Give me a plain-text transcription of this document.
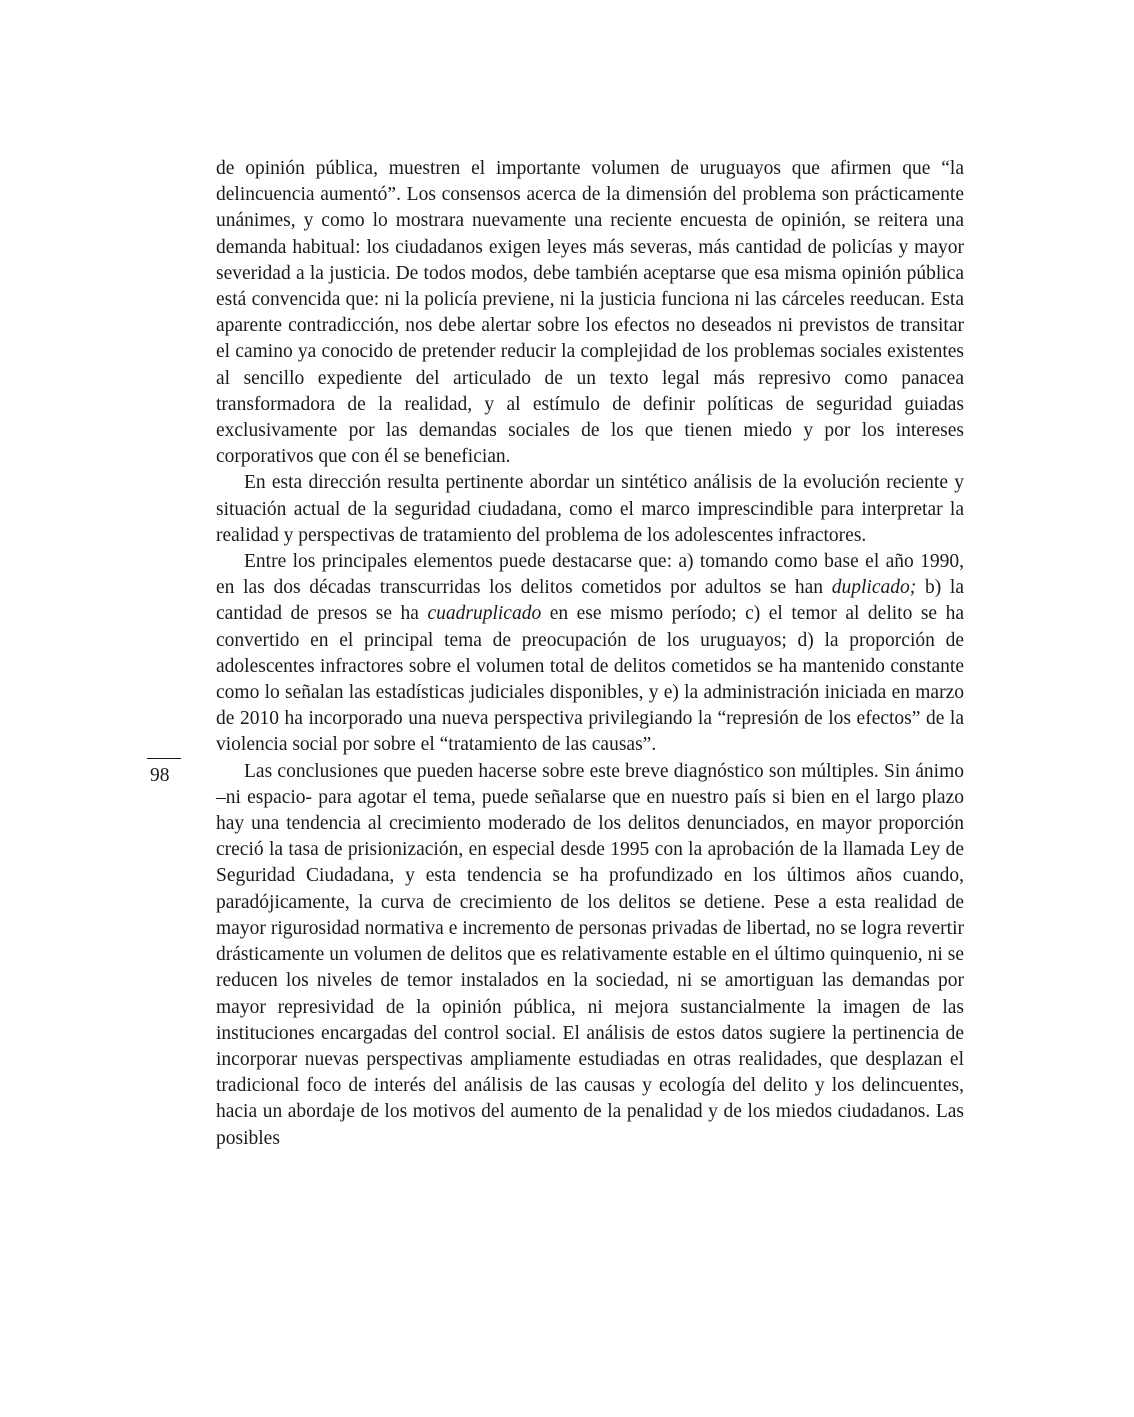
de opinión pública, muestren el importante volumen de uruguayos que afirmen que “la delincuencia aumentó”. Los consensos acerca de la dimensión del problema son prácticamente unánimes, y como lo mostrara nuevamente una reciente encuesta de opinión, se reitera una demanda habitual: los ciudadanos exigen leyes más severas, más cantidad de policías y mayor severidad a la justicia. De todos modos, debe también aceptarse que esa misma opinión pública está convencida que: ni la policía previene, ni la justicia funciona ni las cárceles reeducan. Esta aparente contradicción, nos debe alertar sobre los efectos no deseados ni previstos de transitar el camino ya conocido de pretender reducir la complejidad de los problemas sociales existentes al sencillo expediente del articulado de un texto legal más represivo como panacea transformadora de la realidad, y al estímulo de definir políticas de seguridad guiadas exclusivamente por las demandas sociales de los que tienen miedo y por los intereses corporativos que con él se benefician.

En esta dirección resulta pertinente abordar un sintético análisis de la evolución reciente y situación actual de la seguridad ciudadana, como el marco imprescindible para interpretar la realidad y perspectivas de tratamiento del problema de los adolescentes infractores.

Entre los principales elementos puede destacarse que: a) tomando como base el año 1990, en las dos décadas transcurridas los delitos cometidos por adultos se han duplicado; b) la cantidad de presos se ha cuadruplicado en ese mismo período; c) el temor al delito se ha convertido en el principal tema de preocupación de los uruguayos; d) la proporción de adolescentes infractores sobre el volumen total de delitos cometidos se ha mantenido constante como lo señalan las estadísticas judiciales disponibles, y e) la administración iniciada en marzo de 2010 ha incorporado una nueva perspectiva privilegiando la “represión de los efectos” de la violencia social por sobre el “tratamiento de las causas”.

Las conclusiones que pueden hacerse sobre este breve diagnóstico son múltiples. Sin ánimo –ni espacio- para agotar el tema, puede señalarse que en nuestro país si bien en el largo plazo hay una tendencia al crecimiento moderado de los delitos denunciados, en mayor proporción creció la tasa de prisionización, en especial desde 1995 con la aprobación de la llamada Ley de Seguridad Ciudadana, y esta tendencia se ha profundizado en los últimos años cuando, paradójicamente, la curva de crecimiento de los delitos se detiene. Pese a esta realidad de mayor rigurosidad normativa e incremento de personas privadas de libertad, no se logra revertir drásticamente un volumen de delitos que es relativamente estable en el último quinquenio, ni se reducen los niveles de temor instalados en la sociedad, ni se amortiguan las demandas por mayor represividad de la opinión pública, ni mejora sustancialmente la imagen de las instituciones encargadas del control social. El análisis de estos datos sugiere la pertinencia de incorporar nuevas perspectivas ampliamente estudiadas en otras realidades, que desplazan el tradicional foco de interés del análisis de las causas y ecología del delito y los delincuentes, hacia un abordaje de los motivos del aumento de la penalidad y de los miedos ciudadanos. Las posibles

98
